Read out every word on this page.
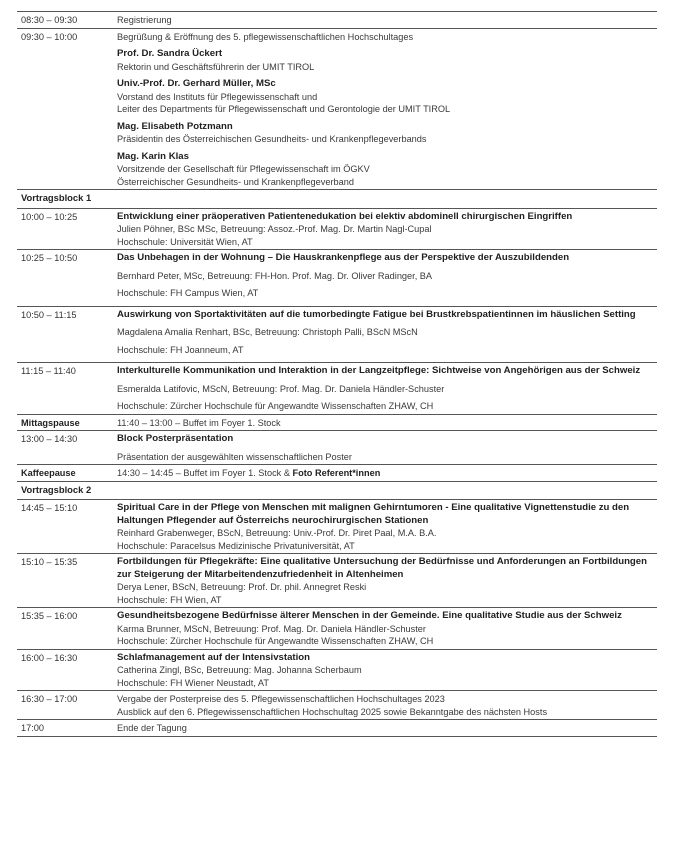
08:30 – 09:30	Registrierung
09:30 – 10:00	Begrüßung & Eröffnung des 5. pflegewissenschaftlichen Hochschultages
Prof. Dr. Sandra Ückert
Rektorin und Geschäftsführerin der UMIT TIROL
Univ.-Prof. Dr. Gerhard Müller, MSc
Vorstand des Instituts für Pflegewissenschaft und
Leiter des Departments für Pflegewissenschaft und Gerontologie der UMIT TIROL
Mag. Elisabeth Potzmann
Präsidentin des Österreichischen Gesundheits- und Krankenpflegeverbands
Mag. Karin Klas
Vorsitzende der Gesellschaft für Pflegewissenschaft im ÖGKV
Österreichischer Gesundheits- und Krankenpflegeverband
Vortragsblock 1
10:00 – 10:25	Entwicklung einer präoperativen Patientenedukation bei elektiv abdominell chirurgischen Eingriffen
Julien Pöhner, BSc MSc, Betreuung: Assoz.-Prof. Mag. Dr. Martin Nagl-Cupal
Hochschule: Universität Wien, AT
10:25 – 10:50	Das Unbehagen in der Wohnung – Die Hauskrankenpflege aus der Perspektive der Auszubildenden
Bernhard Peter, MSc, Betreuung: FH-Hon. Prof. Mag. Dr. Oliver Radinger, BA
Hochschule: FH Campus Wien, AT
10:50 – 11:15	Auswirkung von Sportaktivitäten auf die tumorbedingte Fatigue bei Brustkrebspatientinnen im häuslichen Setting
Magdalena Amalia Renhart, BSc, Betreuung: Christoph Palli, BScN MScN
Hochschule: FH Joanneum, AT
11:15 – 11:40	Interkulturelle Kommunikation und Interaktion in der Langzeitpflege: Sichtweise von Angehörigen aus der Schweiz
Esmeralda Latifovic, MScN, Betreuung: Prof. Mag. Dr. Daniela Händler-Schuster
Hochschule: Zürcher Hochschule für Angewandte Wissenschaften ZHAW, CH
Mittagspause	11:40 – 13:00 – Buffet im Foyer 1. Stock
13:00 – 14:30	Block Posterpräsentation
Präsentation der ausgewählten wissenschaftlichen Poster
Kaffeepause	14:30 – 14:45 – Buffet im Foyer 1. Stock & Foto Referent*innen
Vortragsblock 2
14:45 – 15:10	Spiritual Care in der Pflege von Menschen mit malignen Gehirntumoren - Eine qualitative Vignettenstudie zu den Haltungen Pflegender auf Österreichs neurochirurgischen Stationen
Reinhard Grabenweger, BScN, Betreuung: Univ.-Prof. Dr. Piret Paal, M.A. B.A.
Hochschule: Paracelsus Medizinische Privatuniversität, AT
15:10 – 15:35	Fortbildungen für Pflegekräfte: Eine qualitative Untersuchung der Bedürfnisse und Anforderungen an Fortbildungen zur Steigerung der Mitarbeitendenzufriedenheit in Altenheimen
Derya Lener, BScN, Betreuung: Prof. Dr. phil. Annegret Reski
Hochschule: FH Wien, AT
15:35 – 16:00	Gesundheitsbezogene Bedürfnisse älterer Menschen in der Gemeinde. Eine qualitative Studie aus der Schweiz
Karma Brunner, MScN, Betreuung: Prof. Mag. Dr. Daniela Händler-Schuster
Hochschule: Zürcher Hochschule für Angewandte Wissenschaften ZHAW, CH
16:00 – 16:30	Schlafmanagement auf der Intensivstation
Catherina Zingl, BSc, Betreuung: Mag. Johanna Scherbaum
Hochschule: FH Wiener Neustadt, AT
16:30 – 17:00	Vergabe der Posterpreise des 5. Pflegewissenschaftlichen Hochschultages 2023
Ausblick auf den 6. Pflegewissenschaftlichen Hochschultag 2025 sowie Bekanntgabe des nächsten Hosts
17:00	Ende der Tagung
